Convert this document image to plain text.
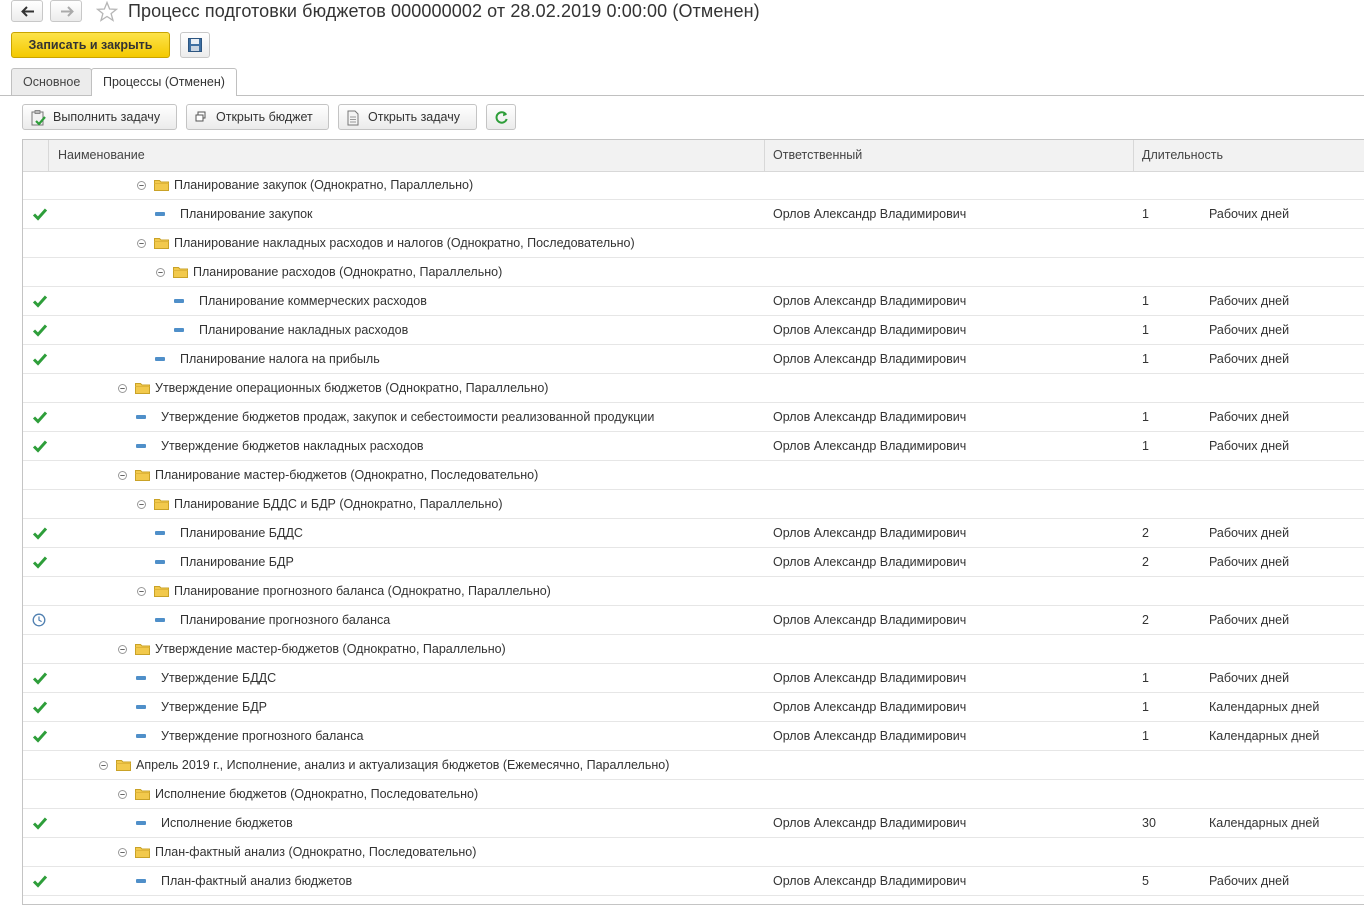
Процесс подготовки бюджетов 000000002 от 28.02.2019 0:00:00 (Отменен)
Записать и закрыть
Основное	Процессы (Отменен)
Выполнить задачу	Открыть бюджет	Открыть задачу
Наименование	Ответственный	Длительность
Планирование закупок (Однократно, Параллельно)
Планирование закупок	Орлов Александр Владимирович	1	Рабочих дней
Планирование накладных расходов и налогов (Однократно, Последовательно)
Планирование расходов (Однократно, Параллельно)
Планирование коммерческих расходов	Орлов Александр Владимирович	1	Рабочих дней
Планирование накладных расходов	Орлов Александр Владимирович	1	Рабочих дней
Планирование налога на прибыль	Орлов Александр Владимирович	1	Рабочих дней
Утверждение операционных бюджетов (Однократно, Параллельно)
Утверждение бюджетов продаж, закупок и себестоимости реализованной продукции	Орлов Александр Владимирович	1	Рабочих дней
Утверждение бюджетов накладных расходов	Орлов Александр Владимирович	1	Рабочих дней
Планирование мастер-бюджетов (Однократно, Последовательно)
Планирование БДДС и БДР (Однократно, Параллельно)
Планирование БДДС	Орлов Александр Владимирович	2	Рабочих дней
Планирование БДР	Орлов Александр Владимирович	2	Рабочих дней
Планирование прогнозного баланса (Однократно, Параллельно)
Планирование прогнозного баланса	Орлов Александр Владимирович	2	Рабочих дней
Утверждение мастер-бюджетов (Однократно, Параллельно)
Утверждение БДДС	Орлов Александр Владимирович	1	Рабочих дней
Утверждение БДР	Орлов Александр Владимирович	1	Календарных дней
Утверждение прогнозного баланса	Орлов Александр Владимирович	1	Календарных дней
Апрель 2019 г., Исполнение, анализ и актуализация бюджетов (Ежемесячно, Параллельно)
Исполнение бюджетов (Однократно, Последовательно)
Исполнение бюджетов	Орлов Александр Владимирович	30	Календарных дней
План-фактный анализ (Однократно, Последовательно)
План-фактный анализ бюджетов	Орлов Александр Владимирович	5	Рабочих дней
